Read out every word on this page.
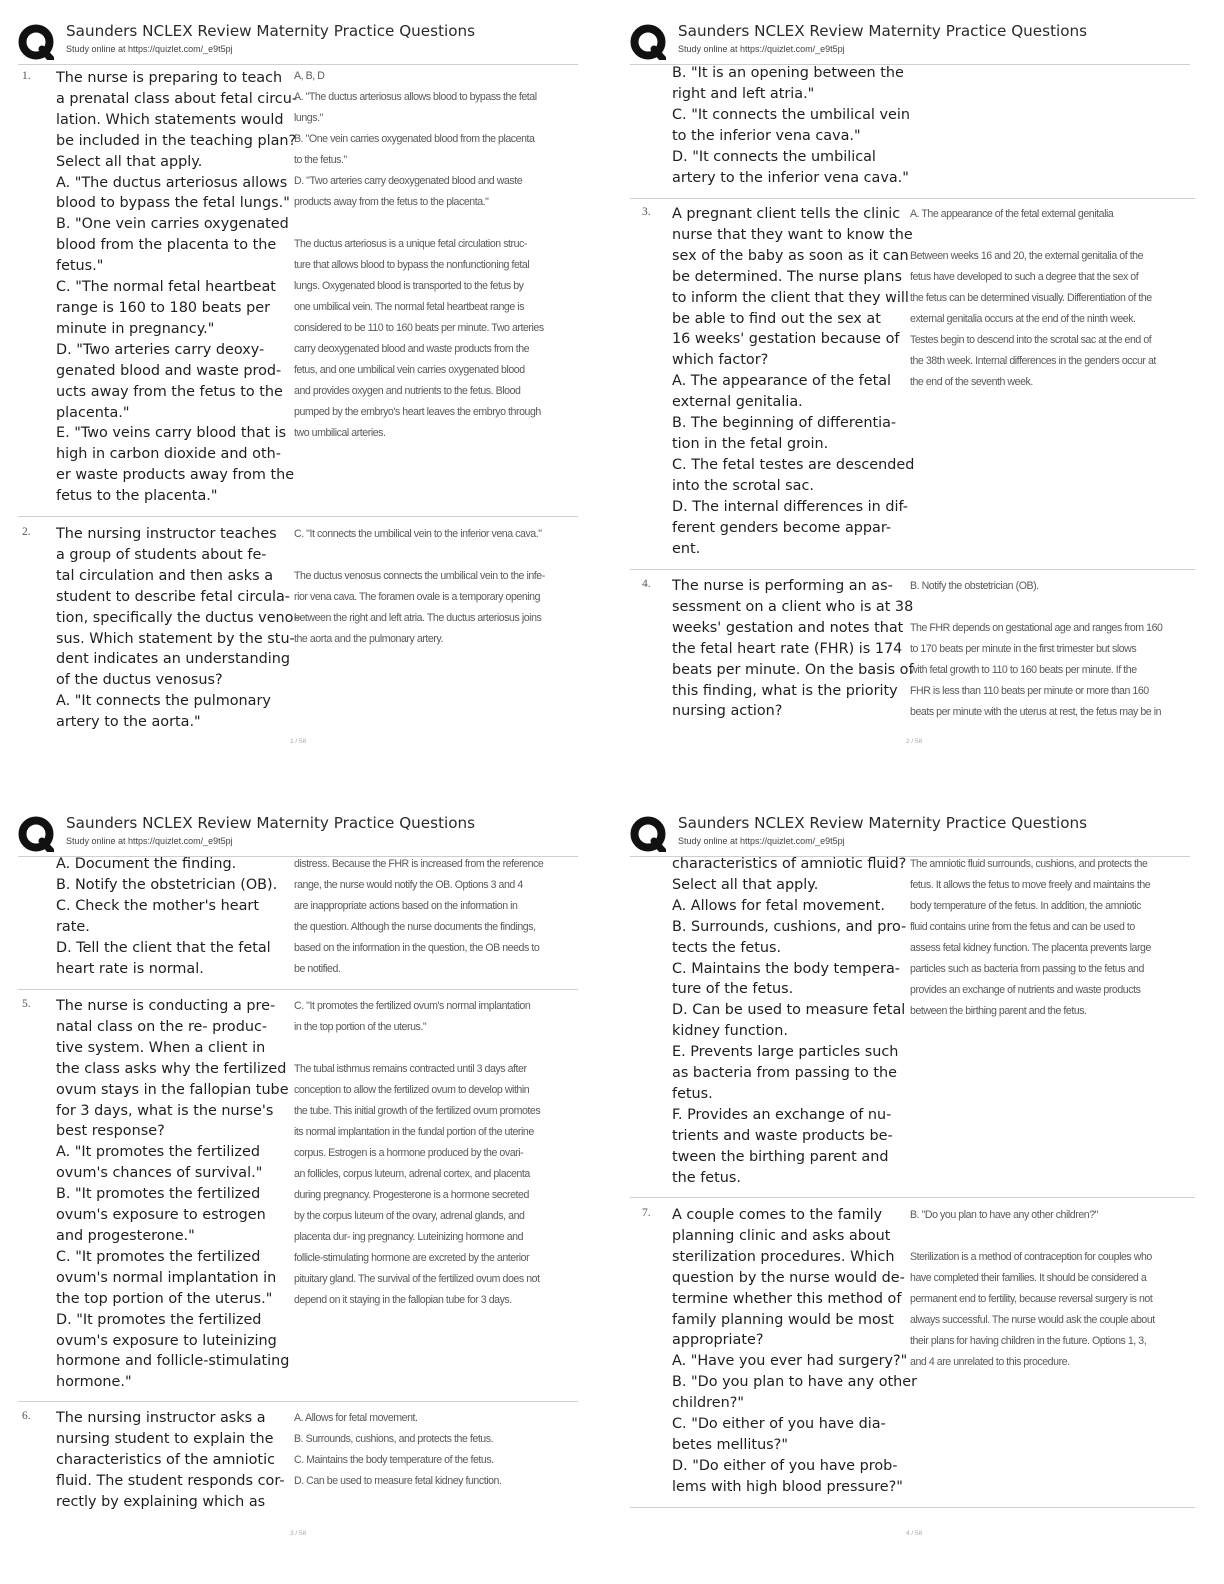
Saunders NCLEX Review Maternity Practice Questions
Study online at https://quizlet.com/_e9t5pj
1. The nurse is preparing to teach
a prenatal class about fetal circu-
lation. Which statements would
be included in the teaching plan?
Select all that apply.
A. "The ductus arteriosus allows
blood to bypass the fetal lungs."
B. "One vein carries oxygenated
blood from the placenta to the
fetus."
C. "The normal fetal heartbeat
range is 160 to 180 beats per
minute in pregnancy."
D. "Two arteries carry deoxy-
genated blood and waste prod-
ucts away from the fetus to the
placenta."
E. "Two veins carry blood that is
high in carbon dioxide and oth-
er waste products away from the
fetus to the placenta."
A, B, D
A. "The ductus arteriosus allows blood to bypass the fetal
lungs."
B. "One vein carries oxygenated blood from the placenta
to the fetus."
D. "Two arteries carry deoxygenated blood and waste
products away from the fetus to the placenta."

The ductus arteriosus is a unique fetal circulation struc-
ture that allows blood to bypass the nonfunctioning fetal
lungs. Oxygenated blood is transported to the fetus by
one umbilical vein. The normal fetal heartbeat range is
considered to be 110 to 160 beats per minute. Two arteries
carry deoxygenated blood and waste products from the
fetus, and one umbilical vein carries oxygenated blood
and provides oxygen and nutrients to the fetus. Blood
pumped by the embryo's heart leaves the embryo through
two umbilical arteries.
2. The nursing instructor teaches
a group of students about fe-
tal circulation and then asks a
student to describe fetal circula-
tion, specifically the ductus veno-
sus. Which statement by the stu-
dent indicates an understanding
of the ductus venosus?
A. "It connects the pulmonary
artery to the aorta."
C. "It connects the umbilical vein to the inferior vena cava."

The ductus venosus connects the umbilical vein to the infe-
rior vena cava. The foramen ovale is a temporary opening
between the right and left atria. The ductus arteriosus joins
the aorta and the pulmonary artery.
1 / 58
Saunders NCLEX Review Maternity Practice Questions
Study online at https://quizlet.com/_e9t5pj
B. "It is an opening between the
right and left atria."
C. "It connects the umbilical vein
to the inferior vena cava."
D. "It connects the umbilical
artery to the inferior vena cava."
3. A pregnant client tells the clinic
nurse that they want to know the
sex of the baby as soon as it can
be determined. The nurse plans
to inform the client that they will
be able to find out the sex at
16 weeks' gestation because of
which factor?
A. The appearance of the fetal
external genitalia.
B. The beginning of differentia-
tion in the fetal groin.
C. The fetal testes are descended
into the scrotal sac.
D. The internal differences in dif-
ferent genders become appar-
ent.
A. The appearance of the fetal external genitalia

Between weeks 16 and 20, the external genitalia of the
fetus have developed to such a degree that the sex of
the fetus can be determined visually. Differentiation of the
external genitalia occurs at the end of the ninth week.
Testes begin to descend into the scrotal sac at the end of
the 38th week. Internal differences in the genders occur at
the end of the seventh week.
4. The nurse is performing an as-
sessment on a client who is at 38
weeks' gestation and notes that
the fetal heart rate (FHR) is 174
beats per minute. On the basis of
this finding, what is the priority
nursing action?
B. Notify the obstetrician (OB).

The FHR depends on gestational age and ranges from 160
to 170 beats per minute in the first trimester but slows
with fetal growth to 110 to 160 beats per minute. If the
FHR is less than 110 beats per minute or more than 160
beats per minute with the uterus at rest, the fetus may be in
2 / 58
Saunders NCLEX Review Maternity Practice Questions
Study online at https://quizlet.com/_e9t5pj
A. Document the finding.
B. Notify the obstetrician (OB).
C. Check the mother's heart
rate.
D. Tell the client that the fetal
heart rate is normal.
distress. Because the FHR is increased from the reference
range, the nurse would notify the OB. Options 3 and 4
are inappropriate actions based on the information in
the question. Although the nurse documents the findings,
based on the information in the question, the OB needs to
be notified.
5. The nurse is conducting a pre-
natal class on the re- produc-
tive system. When a client in
the class asks why the fertilized
ovum stays in the fallopian tube
for 3 days, what is the nurse's
best response?
A. "It promotes the fertilized
ovum's chances of survival."
B. "It promotes the fertilized
ovum's exposure to estrogen
and progesterone."
C. "It promotes the fertilized
ovum's normal implantation in
the top portion of the uterus."
D. "It promotes the fertilized
ovum's exposure to luteinizing
hormone and follicle-stimulating
hormone."
C. "It promotes the fertilized ovum's normal implantation
in the top portion of the uterus."

The tubal isthmus remains contracted until 3 days after
conception to allow the fertilized ovum to develop within
the tube. This initial growth of the fertilized ovum promotes
its normal implantation in the fundal portion of the uterine
corpus. Estrogen is a hormone produced by the ovari-
an follicles, corpus luteum, adrenal cortex, and placenta
during pregnancy. Progesterone is a hormone secreted
by the corpus luteum of the ovary, adrenal glands, and
placenta dur- ing pregnancy. Luteinizing hormone and
follicle-stimulating hormone are excreted by the anterior
pituitary gland. The survival of the fertilized ovum does not
depend on it staying in the fallopian tube for 3 days.
6. The nursing instructor asks a
nursing student to explain the
characteristics of the amniotic
fluid. The student responds cor-
rectly by explaining which as
A. Allows for fetal movement.
B. Surrounds, cushions, and protects the fetus.
C. Maintains the body temperature of the fetus.
D. Can be used to measure fetal kidney function.
3 / 58
Saunders NCLEX Review Maternity Practice Questions
Study online at https://quizlet.com/_e9t5pj
characteristics of amniotic fluid?
Select all that apply.
A. Allows for fetal movement.
B. Surrounds, cushions, and pro-
tects the fetus.
C. Maintains the body tempera-
ture of the fetus.
D. Can be used to measure fetal
kidney function.
E. Prevents large particles such
as bacteria from passing to the
fetus.
F. Provides an exchange of nu-
trients and waste products be-
tween the birthing parent and
the fetus.
The amniotic fluid surrounds, cushions, and protects the
fetus. It allows the fetus to move freely and maintains the
body temperature of the fetus. In addition, the amniotic
fluid contains urine from the fetus and can be used to
assess fetal kidney function. The placenta prevents large
particles such as bacteria from passing to the fetus and
provides an exchange of nutrients and waste products
between the birthing parent and the fetus.
7. A couple comes to the family
planning clinic and asks about
sterilization procedures. Which
question by the nurse would de-
termine whether this method of
family planning would be most
appropriate?
A. "Have you ever had surgery?"
B. "Do you plan to have any other
children?"
C. "Do either of you have dia-
betes mellitus?"
D. "Do either of you have prob-
lems with high blood pressure?"
B. "Do you plan to have any other children?"

Sterilization is a method of contraception for couples who
have completed their families. It should be considered a
permanent end to fertility, because reversal surgery is not
always successful. The nurse would ask the couple about
their plans for having children in the future. Options 1, 3,
and 4 are unrelated to this procedure.
4 / 58
